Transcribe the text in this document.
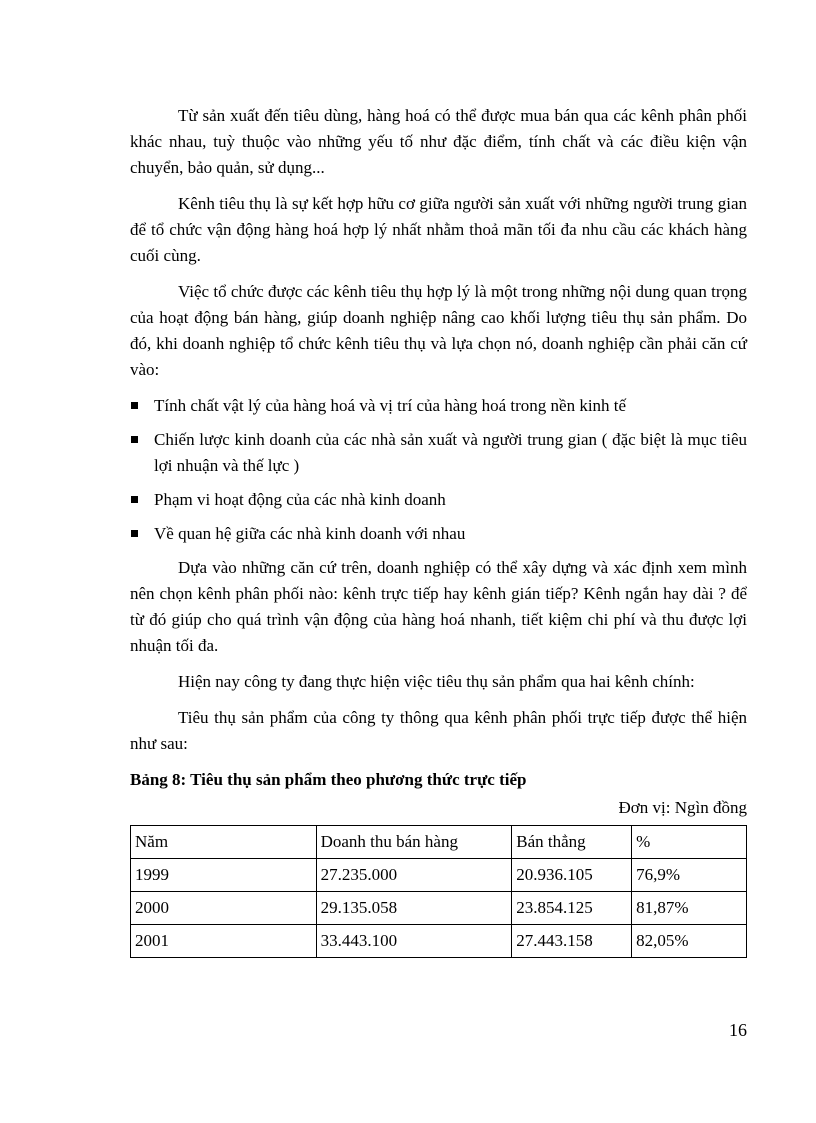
Từ sản xuất đến tiêu dùng, hàng hoá có thể được mua bán qua các kênh phân phối khác nhau, tuỳ thuộc vào những yếu tố như đặc điểm, tính chất và các điều kiện vận chuyển, bảo quản, sử dụng...

Kênh tiêu thụ là sự kết hợp hữu cơ giữa người sản xuất với những người trung gian để tổ chức vận động hàng hoá hợp lý nhất nhằm thoả mãn tối đa nhu cầu các khách hàng cuối cùng.

Việc tổ chức được các kênh tiêu thụ hợp lý là một trong những nội dung quan trọng của hoạt động bán hàng, giúp doanh nghiệp nâng cao khối lượng tiêu thụ sản phẩm. Do đó, khi doanh nghiệp tổ chức kênh tiêu thụ và lựa chọn nó, doanh nghiệp cần phải căn cứ vào:

Tính chất vật lý của hàng hoá và vị trí của hàng hoá trong nền kinh tế
Chiến lược kinh doanh của các nhà sản xuất và người trung gian ( đặc biệt là mục tiêu lợi nhuận và thế lực )
Phạm vi hoạt động của các nhà kinh doanh
Về quan hệ giữa các nhà kinh doanh với nhau

Dựa vào những căn cứ trên, doanh nghiệp có thể xây dựng và xác định xem mình nên chọn kênh phân phối nào: kênh trực tiếp hay kênh gián tiếp? Kênh ngắn hay dài ? để từ đó giúp cho quá trình vận động của hàng hoá nhanh, tiết kiệm chi phí và thu được lợi nhuận tối đa.

Hiện nay công ty đang thực hiện việc tiêu thụ sản phẩm qua hai kênh chính:

Tiêu thụ sản phẩm của công ty thông qua kênh phân phối trực tiếp được thể hiện như sau:

Bảng 8: Tiêu thụ sản phẩm theo phương thức trực tiếp
Đơn vị: Ngìn đồng
Năm	Doanh thu bán hàng	Bán thẳng	%
1999	27.235.000	20.936.105	76,9%
2000	29.135.058	23.854.125	81,87%
2001	33.443.100	27.443.158	82,05%
16
